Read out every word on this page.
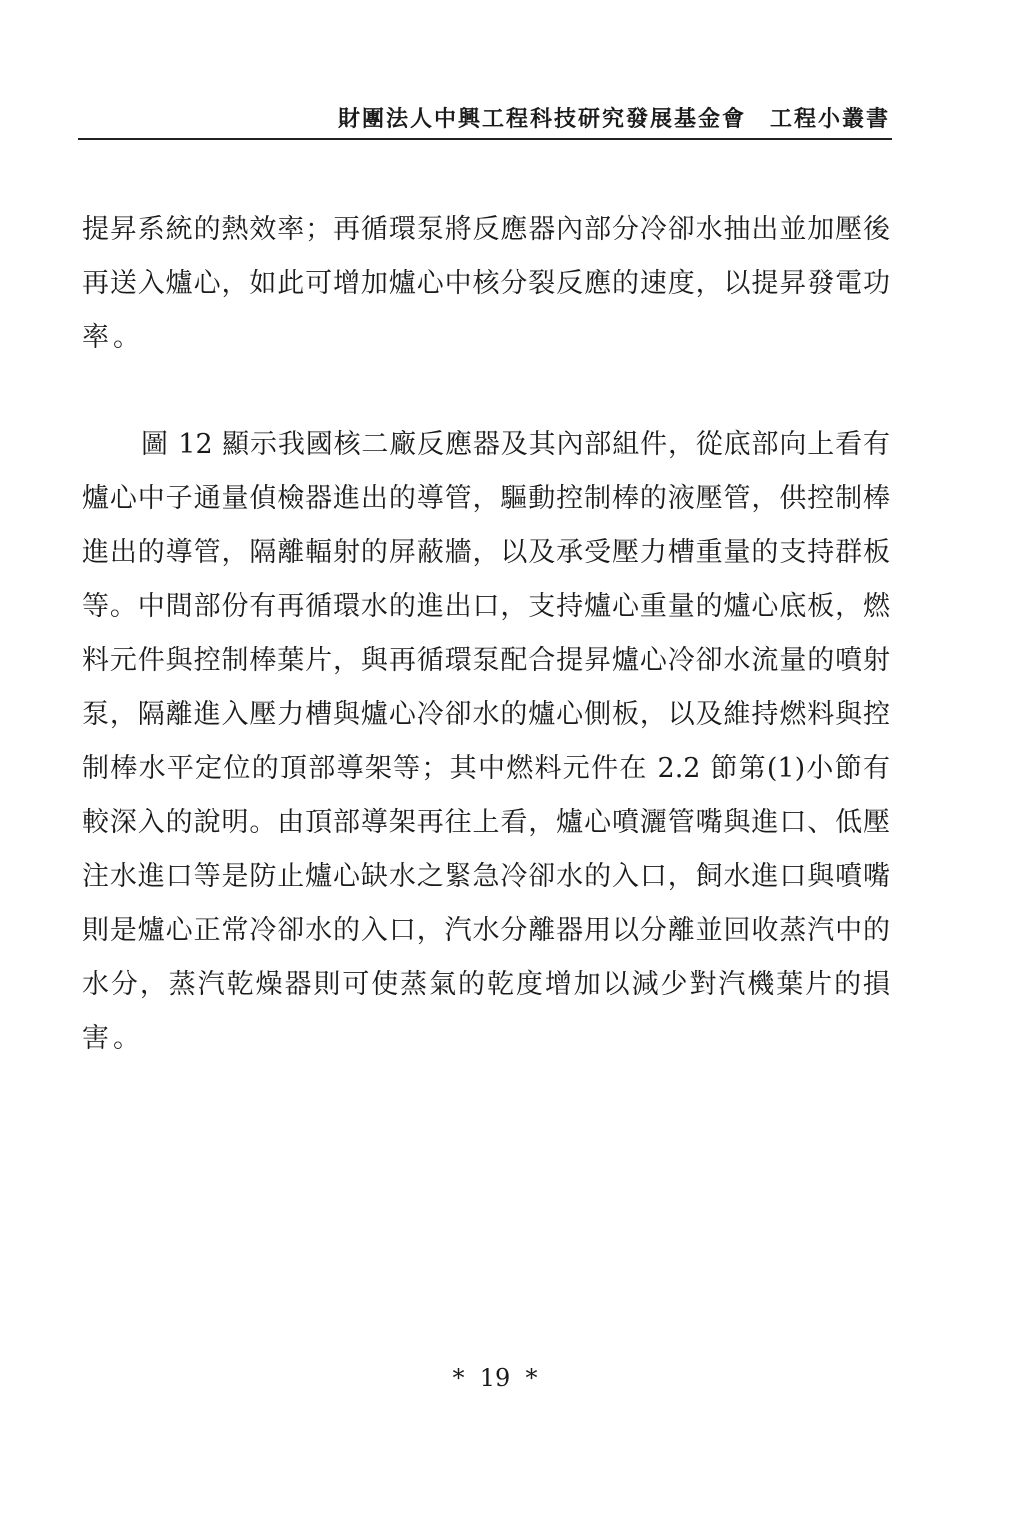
財團法人中興工程科技研究發展基金會　工程小叢書
提昇系統的熱效率；再循環泵將反應器內部分冷卻水抽出並加壓後
再送入爐心，如此可增加爐心中核分裂反應的速度，以提昇發電功
率。
圖 12 顯示我國核二廠反應器及其內部組件，從底部向上看有
爐心中子通量偵檢器進出的導管，驅動控制棒的液壓管，供控制棒
進出的導管，隔離輻射的屏蔽牆，以及承受壓力槽重量的支持群板
等。中間部份有再循環水的進出口，支持爐心重量的爐心底板，燃
料元件與控制棒葉片，與再循環泵配合提昇爐心冷卻水流量的噴射
泵，隔離進入壓力槽與爐心冷卻水的爐心側板，以及維持燃料與控
制棒水平定位的頂部導架等；其中燃料元件在 2.2 節第(1)小節有
較深入的說明。由頂部導架再往上看，爐心噴灑管嘴與進口、低壓
注水進口等是防止爐心缺水之緊急冷卻水的入口，飼水進口與噴嘴
則是爐心正常冷卻水的入口，汽水分離器用以分離並回收蒸汽中的
水分，蒸汽乾燥器則可使蒸氣的乾度增加以減少對汽機葉片的損
害。
*  19  *
